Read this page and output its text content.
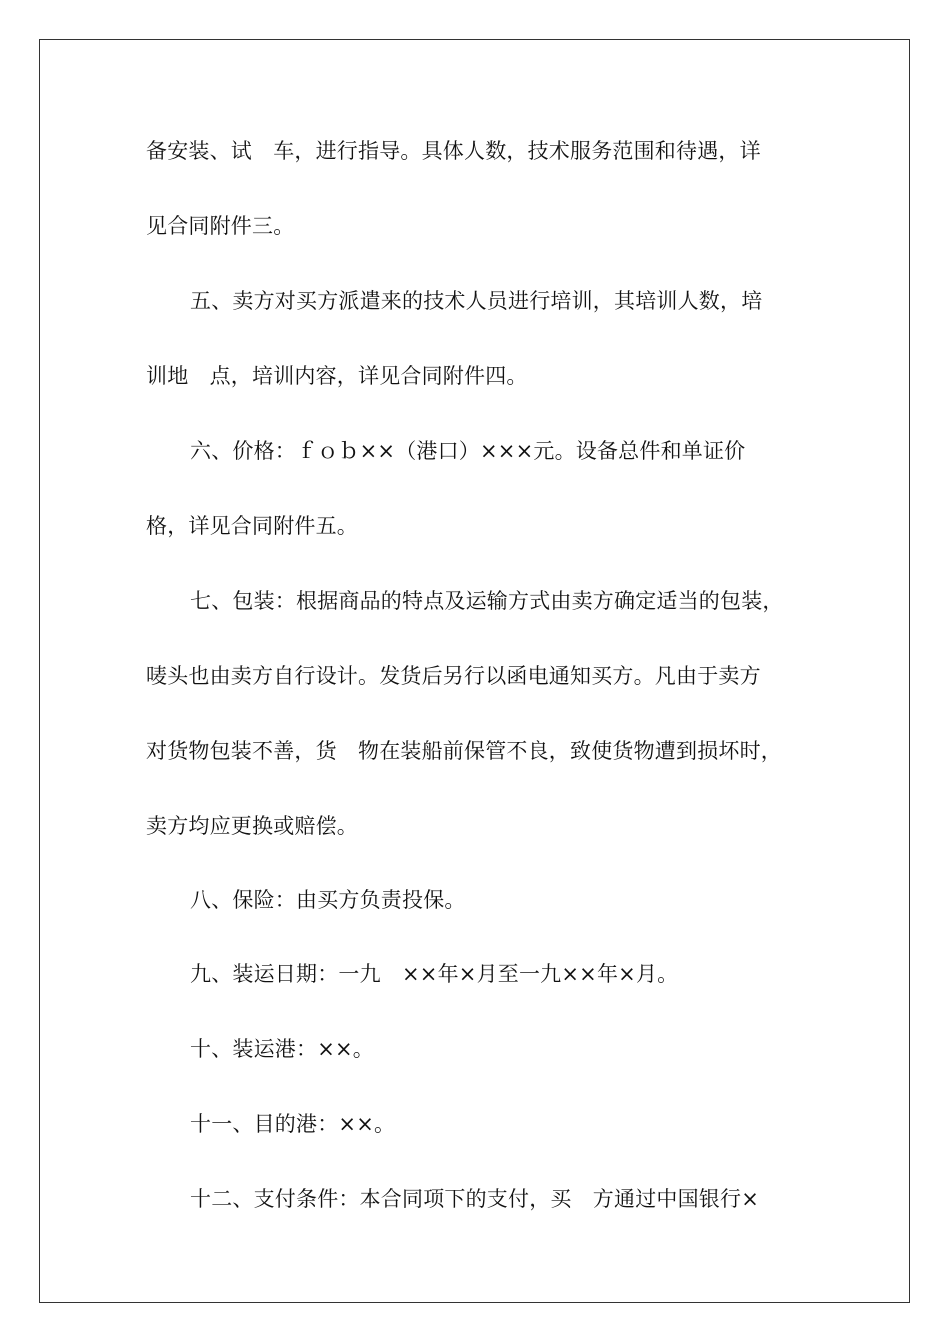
备安装、试　车，进行指导。具体人数，技术服务范围和待遇，详
见合同附件三。
五、卖方对买方派遣来的技术人员进行培训，其培训人数，培
训地　点，培训内容，详见合同附件四。
六、价格：ｆｏｂ××（港口）×××元。设备总件和单证价
格，详见合同附件五。
七、包装：根据商品的特点及运输方式由卖方确定适当的包装，
唛头也由卖方自行设计。发货后另行以函电通知买方。凡由于卖方
对货物包装不善，货　物在装船前保管不良，致使货物遭到损坏时，
卖方均应更换或赔偿。
八、保险：由买方负责投保。
九、装运日期：一九　××年×月至一九××年×月。
十、装运港：××。
十一、目的港：××。
十二、支付条件：本合同项下的支付，买　方通过中国银行×
